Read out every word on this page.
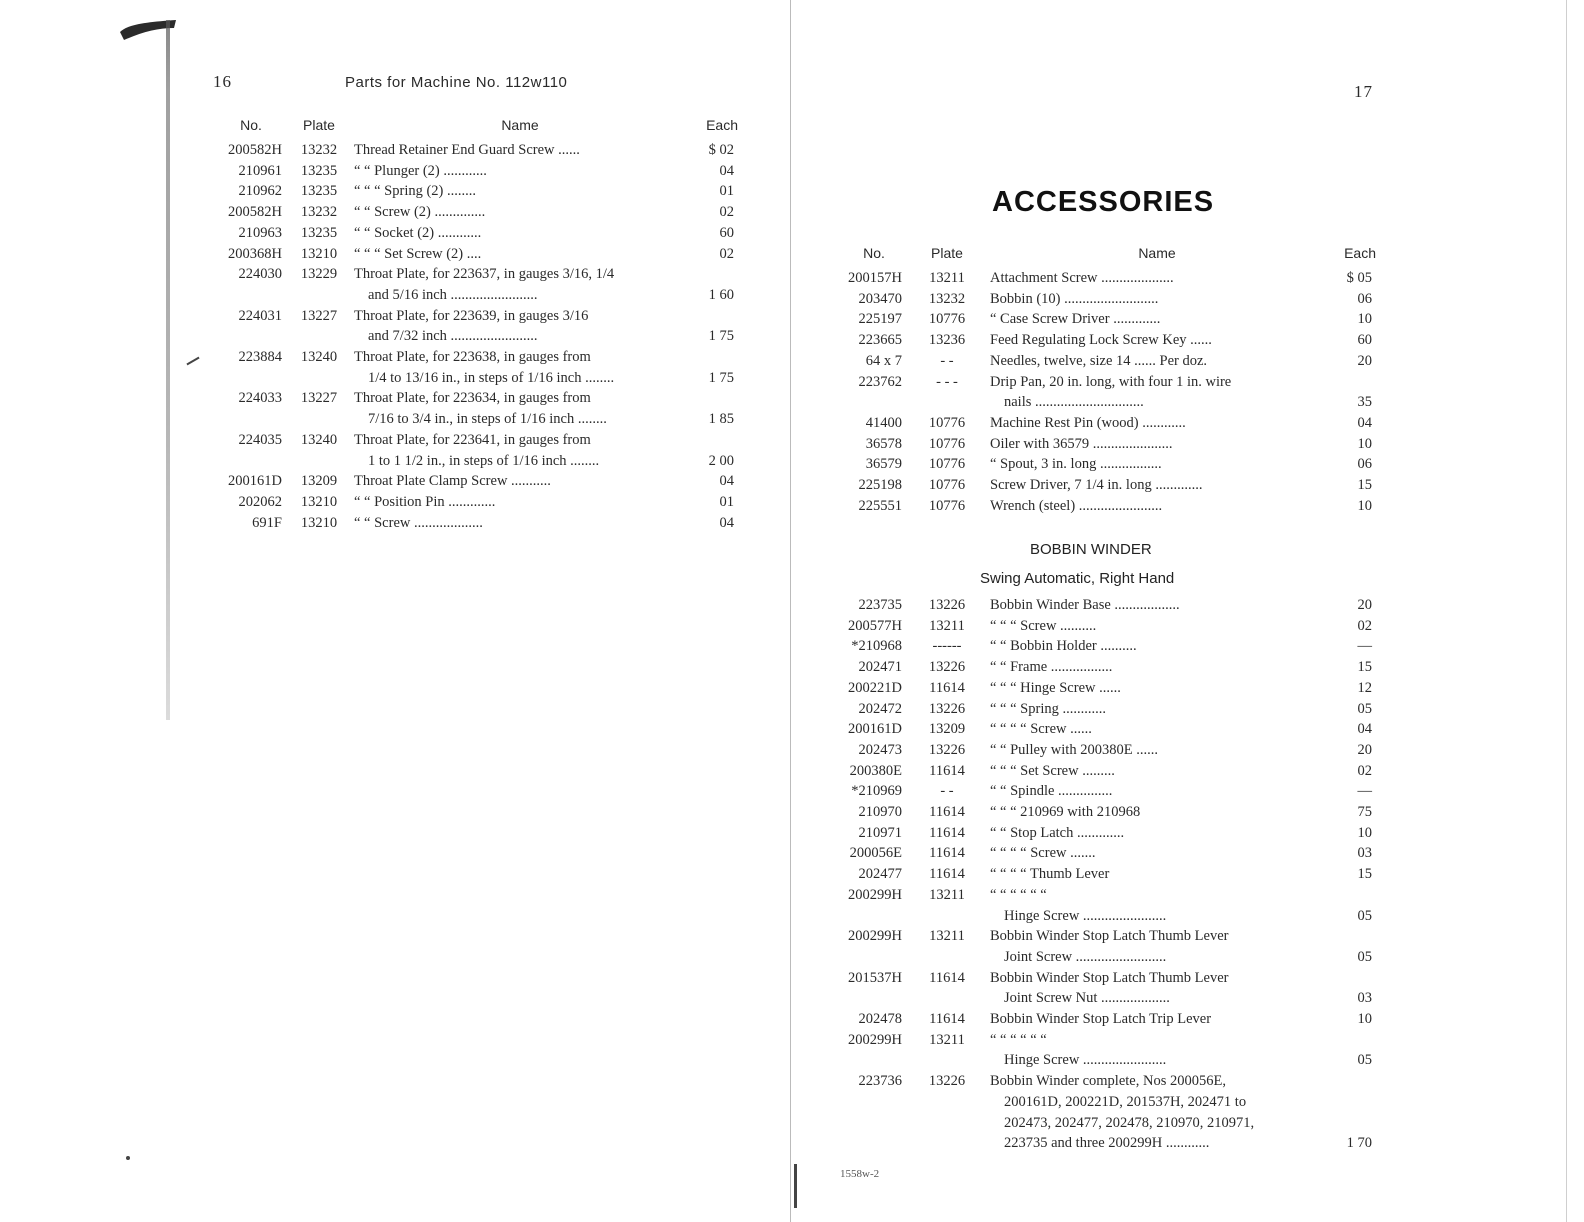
16	Parts for Machine No. 112w110
No.	Plate	Name	Each
200582H	13232	Thread Retainer End Guard Screw ......	$ 02
210961	13235	“ “ Plunger (2) ............	04
210962	13235	“ “ “ Spring (2) ........	01
200582H	13232	“ “ Screw (2) ..............	02
210963	13235	“ “ Socket (2) ............	60
200368H	13210	“ “ “ Set Screw (2) ....	02
224030	13229	Throat Plate, for 223637, in gauges 3/16, 1/4	
		and 5/16 inch ........................	1 60
224031	13227	Throat Plate, for 223639, in gauges 3/16	
		and 7/32 inch ........................	1 75
223884	13240	Throat Plate, for 223638, in gauges from	
		1/4 to 13/16 in., in steps of 1/16 inch ........	1 75
224033	13227	Throat Plate, for 223634, in gauges from	
		7/16 to 3/4 in., in steps of 1/16 inch ........	1 85
224035	13240	Throat Plate, for 223641, in gauges from	
		1 to 1 1/2 in., in steps of 1/16 inch ........	2 00
200161D	13209	Throat Plate Clamp Screw ...........	04
202062	13210	“ “ Position Pin .............	01
691F	13210	“ “ Screw ...................	04
17
ACCESSORIES
No.	Plate	Name	Each
200157H	13211	Attachment Screw ....................	$ 05
203470	13232	Bobbin (10) ..........................	06
225197	10776	“ Case Screw Driver .............	10
223665	13236	Feed Regulating Lock Screw Key ......	60
64 x 7	- -	Needles, twelve, size 14 ...... Per doz.	20
223762	- - -	Drip Pan, 20 in. long, with four 1 in. wire	
		nails ..............................	35
41400	10776	Machine Rest Pin (wood) ............	04
36578	10776	Oiler with 36579 ......................	10
36579	10776	“ Spout, 3 in. long .................	06
225198	10776	Screw Driver, 7 1/4 in. long .............	15
225551	10776	Wrench (steel) .......................	10
BOBBIN WINDER
Swing Automatic, Right Hand
223735	13226	Bobbin Winder Base ..................	20
200577H	13211	“ “ “ Screw ..........	02
*210968	------	“ “ Bobbin Holder ..........	—
202471	13226	“ “ Frame .................	15
200221D	11614	“ “ “ Hinge Screw ......	12
202472	13226	“ “ “ Spring ............	05
200161D	13209	“ “ “ “ Screw ......	04
202473	13226	“ “ Pulley with 200380E ......	20
200380E	11614	“ “ “ Set Screw .........	02
*210969	- -	“ “ Spindle ...............	—
210970	11614	“ “ “ 210969 with 210968	75
210971	11614	“ “ Stop Latch .............	10
200056E	11614	“ “ “ “ Screw .......	03
202477	11614	“ “ “ “ Thumb Lever	15
200299H	13211	“ “ “ “ “ “	
		Hinge Screw .......................	05
200299H	13211	Bobbin Winder Stop Latch Thumb Lever	
		Joint Screw .........................	05
201537H	11614	Bobbin Winder Stop Latch Thumb Lever	
		Joint Screw Nut ...................	03
202478	11614	Bobbin Winder Stop Latch Trip Lever	10
200299H	13211	“ “ “ “ “ “	
		Hinge Screw .......................	05
223736	13226	Bobbin Winder complete, Nos 200056E,	
		200161D, 200221D, 201537H, 202471 to	
		202473, 202477, 202478, 210970, 210971,	
		223735 and three 200299H ............	1 70
1558w-2
